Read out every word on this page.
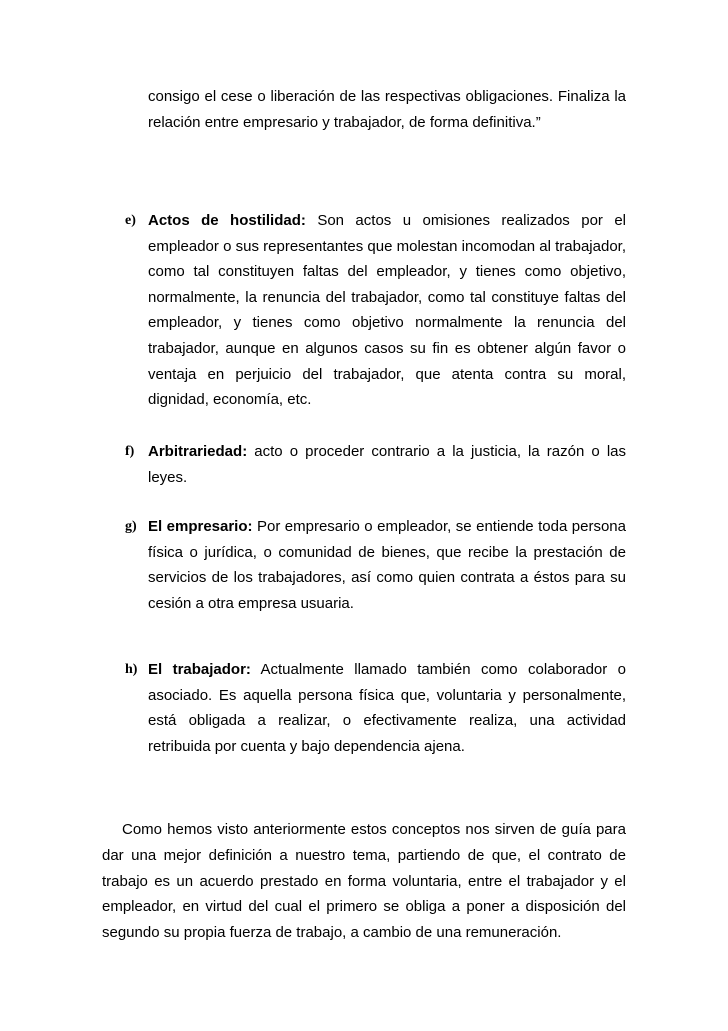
consigo el cese o liberación de las respectivas obligaciones. Finaliza la relación entre empresario y trabajador, de forma definitiva.”

e) Actos de hostilidad: Son actos u omisiones realizados por el empleador o sus representantes que molestan incomodan al trabajador, como tal constituyen faltas del empleador, y tienes como objetivo, normalmente, la renuncia del trabajador, como tal constituye faltas del empleador, y tienes como objetivo normalmente la renuncia del trabajador, aunque en algunos casos su fin es obtener algún favor o ventaja en perjuicio del trabajador, que atenta contra su moral, dignidad, economía, etc.

f) Arbitrariedad: acto o proceder contrario a la justicia, la razón o las leyes.

g) El empresario: Por empresario o empleador, se entiende toda persona física o jurídica, o comunidad de bienes, que recibe la prestación de servicios de los trabajadores, así como quien contrata a éstos para su cesión a otra empresa usuaria.

h) El trabajador: Actualmente llamado también como colaborador o asociado. Es aquella persona física que, voluntaria y personalmente, está obligada a realizar, o efectivamente realiza, una actividad retribuida por cuenta y bajo dependencia ajena.

Como hemos visto anteriormente estos conceptos nos sirven de guía para dar una mejor definición a nuestro tema, partiendo de que, el contrato de trabajo es un acuerdo prestado en forma voluntaria, entre el trabajador y el empleador, en virtud del cual el primero se obliga a poner a disposición del segundo su propia fuerza de trabajo, a cambio de una remuneración.
